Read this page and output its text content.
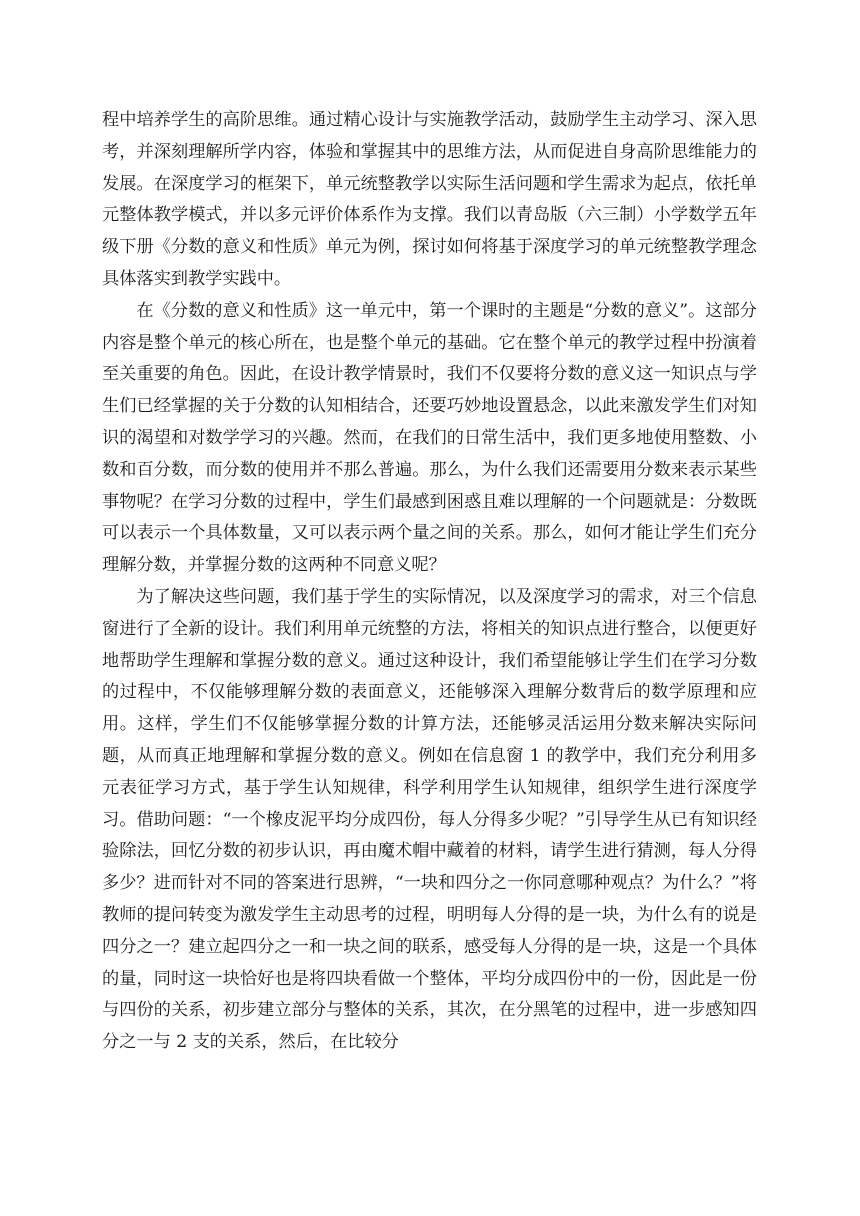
程中培养学生的高阶思维。通过精心设计与实施教学活动，鼓励学生主动学习、深入思考，并深刻理解所学内容，体验和掌握其中的思维方法，从而促进自身高阶思维能力的发展。在深度学习的框架下，单元统整教学以实际生活问题和学生需求为起点，依托单元整体教学模式，并以多元评价体系作为支撑。我们以青岛版（六三制）小学数学五年级下册《分数的意义和性质》单元为例，探讨如何将基于深度学习的单元统整教学理念具体落实到教学实践中。

在《分数的意义和性质》这一单元中，第一个课时的主题是“分数的意义”。这部分内容是整个单元的核心所在，也是整个单元的基础。它在整个单元的教学过程中扮演着至关重要的角色。因此，在设计教学情景时，我们不仅要将分数的意义这一知识点与学生们已经掌握的关于分数的认知相结合，还要巧妙地设置悬念，以此来激发学生们对知识的渴望和对数学学习的兴趣。然而，在我们的日常生活中，我们更多地使用整数、小数和百分数，而分数的使用并不那么普遍。那么，为什么我们还需要用分数来表示某些事物呢？在学习分数的过程中，学生们最感到困惑且难以理解的一个问题就是：分数既可以表示一个具体数量，又可以表示两个量之间的关系。那么，如何才能让学生们充分理解分数，并掌握分数的这两种不同意义呢？

为了解决这些问题，我们基于学生的实际情况，以及深度学习的需求，对三个信息窗进行了全新的设计。我们利用单元统整的方法，将相关的知识点进行整合，以便更好地帮助学生理解和掌握分数的意义。通过这种设计，我们希望能够让学生们在学习分数的过程中，不仅能够理解分数的表面意义，还能够深入理解分数背后的数学原理和应用。这样，学生们不仅能够掌握分数的计算方法，还能够灵活运用分数来解决实际问题，从而真正地理解和掌握分数的意义。例如在信息窗 1 的教学中，我们充分利用多元表征学习方式，基于学生认知规律，科学利用学生认知规律，组织学生进行深度学习。借助问题：“一个橡皮泥平均分成四份，每人分得多少呢？”引导学生从已有知识经验除法，回忆分数的初步认识，再由魔术帽中藏着的材料，请学生进行猜测，每人分得多少？进而针对不同的答案进行思辨，“一块和四分之一你同意哪种观点？为什么？”将教师的提问转变为激发学生主动思考的过程，明明每人分得的是一块，为什么有的说是四分之一？建立起四分之一和一块之间的联系，感受每人分得的是一块，这是一个具体的量，同时这一块恰好也是将四块看做一个整体，平均分成四份中的一份，因此是一份与四份的关系，初步建立部分与整体的关系，其次，在分黑笔的过程中，进一步感知四分之一与 2 支的关系，然后，在比较分
